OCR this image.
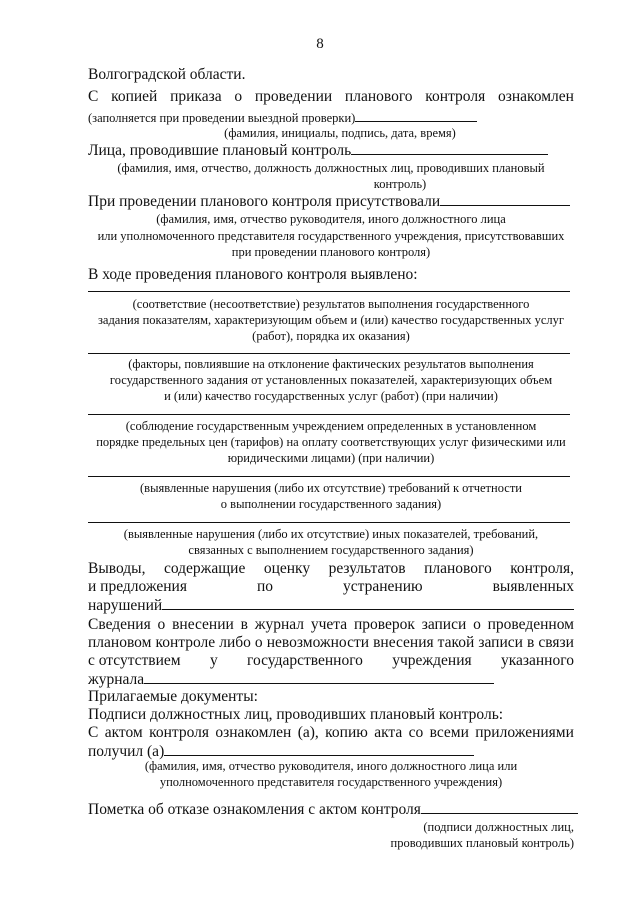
8
Волгоградской области.
С копией приказа о проведении планового контроля ознакомлен
(заполняется при проведении выездной проверки)
(фамилия, инициалы, подпись, дата, время)
Лица, проводившие плановый контроль
(фамилия, имя, отчество, должность должностных лиц, проводивших плановый
контроль)
При проведении планового контроля присутствовали
(фамилия, имя, отчество руководителя, иного должностного лица
или уполномоченного представителя государственного учреждения, присутствовавших
при проведении планового контроля)
В ходе проведения планового контроля выявлено:
(соответствие (несоответствие) результатов выполнения государственного
задания показателям, характеризующим объем и (или) качество государственных услуг
(работ), порядка их оказания)
(факторы, повлиявшие на отклонение фактических результатов выполнения
государственного задания от установленных показателей, характеризующих объем
и (или) качество государственных услуг (работ) (при наличии)
(соблюдение государственным учреждением определенных в установленном
порядке предельных цен (тарифов) на оплату соответствующих услуг физическими или
юридическими лицами) (при наличии)
(выявленные нарушения (либо их отсутствие) требований к отчетности
о выполнении государственного задания)
(выявленные нарушения (либо их отсутствие) иных показателей, требований,
связанных с выполнением государственного задания)
Выводы, содержащие оценку результатов планового контроля,
и предложения	по	устранению	выявленных
нарушений
Сведения о внесении в журнал учета проверок записи о проведенном
плановом контроле либо о невозможности внесения такой записи в связи
с отсутствием у государственного учреждения указанного
журнала
Прилагаемые документы:
Подписи должностных лиц, проводивших плановый контроль:
С актом контроля ознакомлен (а), копию акта со всеми приложениями
получил (а)
(фамилия, имя, отчество руководителя, иного должностного лица или
уполномоченного представителя государственного учреждения)
Пометка об отказе ознакомления с актом контроля
(подписи должностных лиц,
проводивших плановый контроль)
